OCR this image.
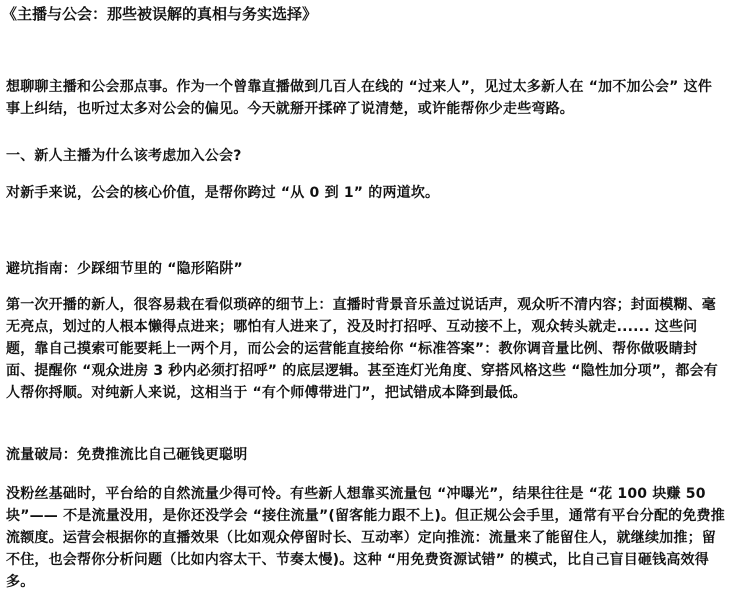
《主播与公会：那些被误解的真相与务实选择》
想聊聊主播和公会那点事。作为一个曾靠直播做到几百人在线的 “过来人”，见过太多新人在 “加不加公会” 这件事上纠结，也听过太多对公会的偏见。今天就掰开揉碎了说清楚，或许能帮你少走些弯路。
一、新人主播为什么该考虑加入公会?
对新手来说，公会的核心价值，是帮你跨过 “从 0 到 1” 的两道坎。
避坑指南：少踩细节里的 “隐形陷阱”
第一次开播的新人，很容易栽在看似琐碎的细节上：直播时背景音乐盖过说话声，观众听不清内容；封面模糊、毫无亮点，划过的人根本懒得点进来；哪怕有人进来了，没及时打招呼、互动接不上，观众转头就走...... 这些问题，靠自己摸索可能要耗上一两个月，而公会的运营能直接给你 “标准答案”：教你调音量比例、帮你做吸睛封面、提醒你 “观众进房 3 秒内必须打招呼” 的底层逻辑。甚至连灯光角度、穿搭风格这些 “隐性加分项”，都会有人帮你捋顺。对纯新人来说，这相当于 “有个师傅带进门”，把试错成本降到最低。
流量破局：免费推流比自己砸钱更聪明
没粉丝基础时，平台给的自然流量少得可怜。有些新人想靠买流量包 “冲曝光”，结果往往是 “花 100 块赚 50 块”—— 不是流量没用，是你还没学会 “接住流量”(留客能力跟不上)。但正规公会手里，通常有平台分配的免费推流额度。运营会根据你的直播效果（比如观众停留时长、互动率）定向推流：流量来了能留住人，就继续加推；留不住，也会帮你分析问题（比如内容太干、节奏太慢)。这种 “用免费资源试错” 的模式，比自己盲目砸钱高效得多。
